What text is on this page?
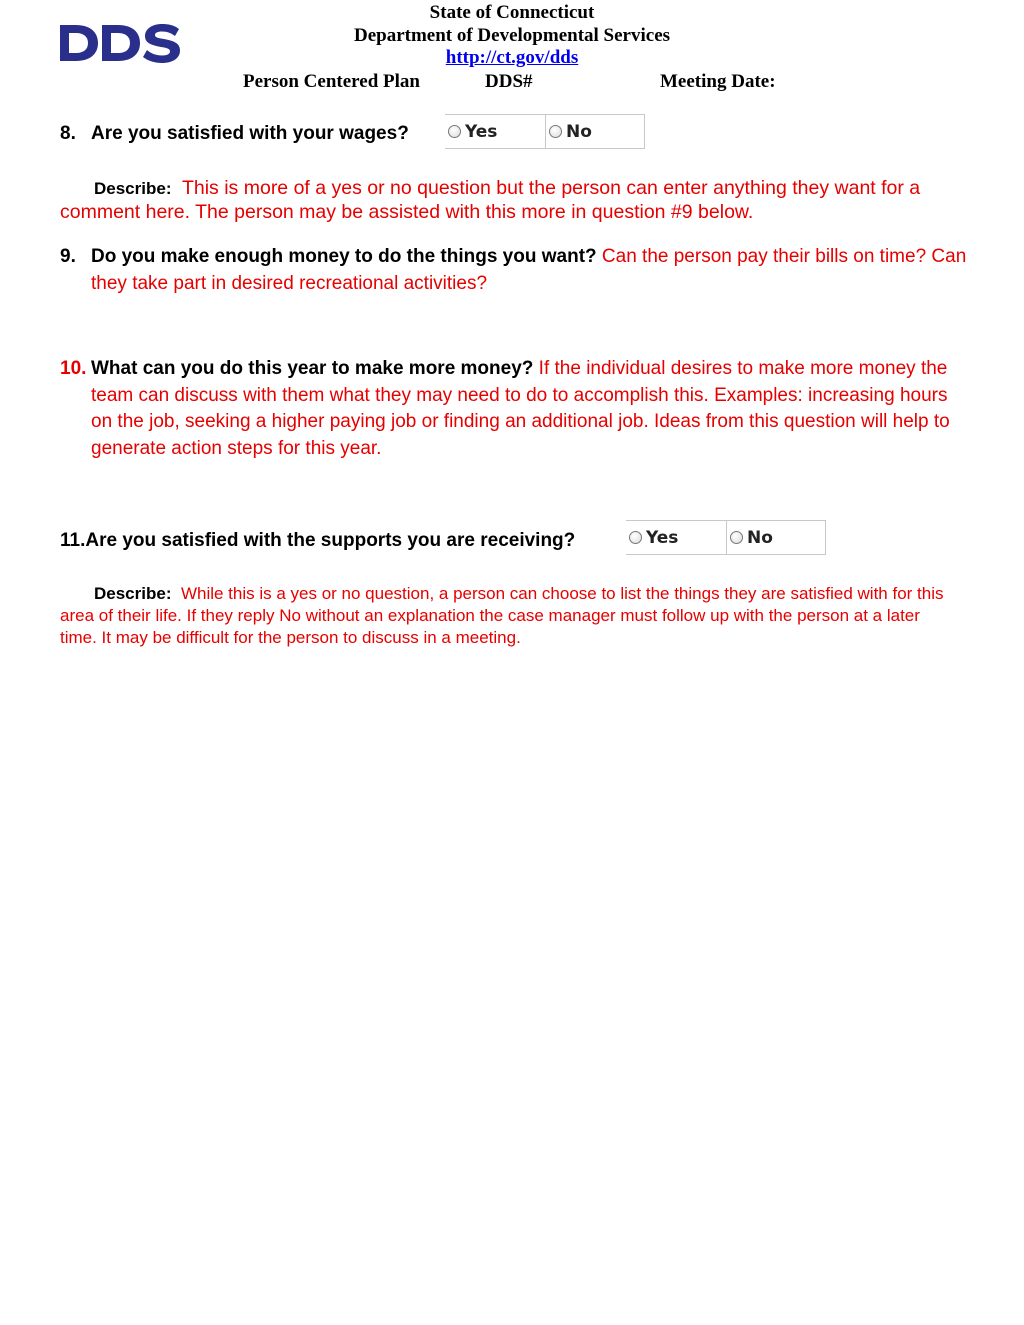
State of Connecticut
Department of Developmental Services
http://ct.gov/dds
Person Centered Plan	DDS#	Meeting Date:
8. Are you satisfied with your wages?	Yes	No
Describe: This is more of a yes or no question but the person can enter anything they want for a comment here. The person may be assisted with this more in question #9 below.
9. Do you make enough money to do the things you want? Can the person pay their bills on time? Can they take part in desired recreational activities?
10. What can you do this year to make more money? If the individual desires to make more money the team can discuss with them what they may need to do to accomplish this. Examples: increasing hours on the job, seeking a higher paying job or finding an additional job. Ideas from this question will help to generate action steps for this year.
11.Are you satisfied with the supports you are receiving?	Yes	No
Describe: While this is a yes or no question, a person can choose to list the things they are satisfied with for this area of their life. If they reply No without an explanation the case manager must follow up with the person at a later time. It may be difficult for the person to discuss in a meeting.
